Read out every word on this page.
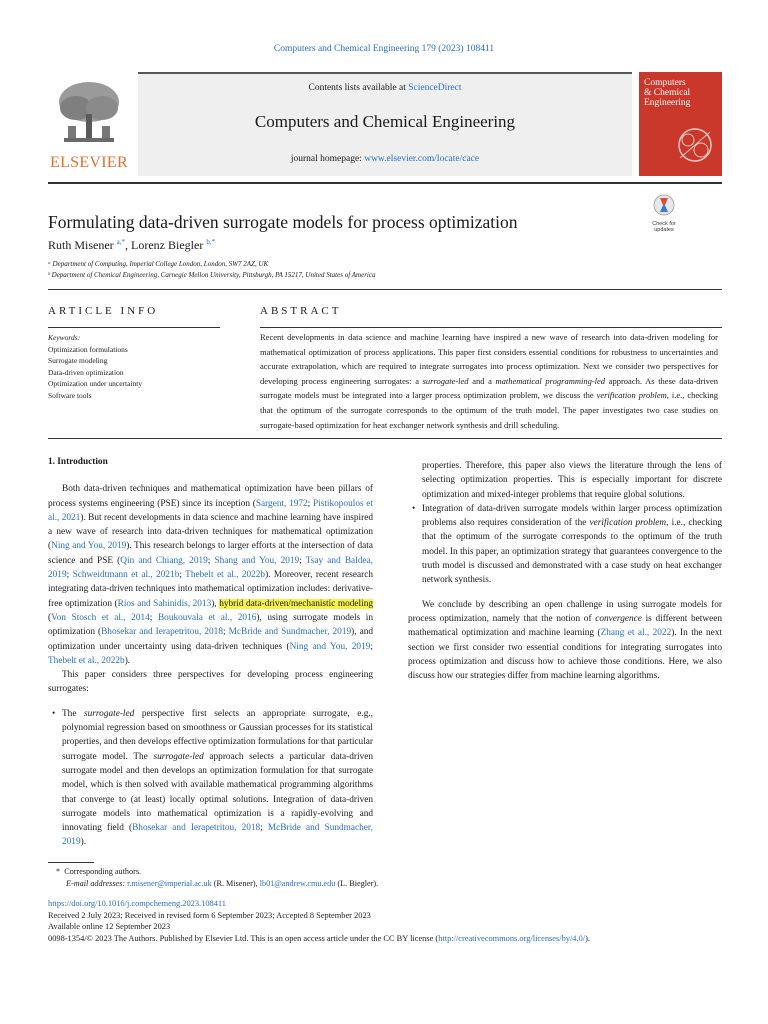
Computers and Chemical Engineering 179 (2023) 108411
ELSEVIER
Contents lists available at ScienceDirect
Computers and Chemical Engineering
journal homepage: www.elsevier.com/locate/cace
Computers
& Chemical
Engineering
Formulating data-driven surrogate models for process optimization	Check for
updates
Ruth Misener $^{a,*}$, Lorenz Biegler $^{b,*}$
ᵃ Department of Computing, Imperial College London, London, SW7 2AZ, UK
ᵇ Department of Chemical Engineering, Carnegie Mellon University, Pittsburgh, PA 15217, United States of America
ARTICLE INFO
Keywords:
Optimization formulations
Surrogate modeling
Data-driven optimization
Optimization under uncertainty
Software tools
ABSTRACT
Recent developments in data science and machine learning have inspired a new wave of research into data-driven modeling for mathematical optimization of process applications. This paper first considers essential conditions for robustness to uncertainties and accurate extrapolation, which are required to integrate surrogates into process optimization. Next we consider two perspectives for developing process engineering surrogates: a surrogate-led and a mathematical programming-led approach. As these data-driven surrogate models must be integrated into a larger process optimization problem, we discuss the verification problem, i.e., checking that the optimum of the surrogate corresponds to the optimum of the truth model. The paper investigates two case studies on surrogate-based optimization for heat exchanger network synthesis and drill scheduling.
1. Introduction

Both data-driven techniques and mathematical optimization have been pillars of process systems engineering (PSE) since its inception (Sargent, 1972; Pistikopoulos et al., 2021). But recent developments in data science and machine learning have inspired a new wave of research into data-driven techniques for mathematical optimization (Ning and You, 2019). This research belongs to larger efforts at the intersection of data science and PSE (Qin and Chiang, 2019; Shang and You, 2019; Tsay and Baldea, 2019; Schweidtmann et al., 2021b; Thebelt et al., 2022b). Moreover, recent research integrating data-driven techniques into mathematical optimization includes: derivative-free optimization (Rios and Sahinidis, 2013), hybrid data-driven/mechanistic modeling (Von Stosch et al., 2014; Boukouvala et al., 2016), using surrogate models in optimization (Bhosekar and Ierapetritou, 2018; McBride and Sundmacher, 2019), and optimization under uncertainty using data-driven techniques (Ning and You, 2019; Thebelt et al., 2022b).

This paper considers three perspectives for developing process engineering surrogates:

• The surrogate-led perspective first selects an appropriate surrogate, e.g., polynomial regression based on smoothness or Gaussian processes for its statistical properties, and then develops effective optimization formulations for that particular surrogate model. The surrogate-led approach selects a particular data-driven surrogate model and then develops an optimization formulation for that surrogate model, which is then solved with available mathematical programming algorithms that converge to (at least) locally optimal solutions. Integration of data-driven surrogate models into mathematical optimization is a rapidly-evolving and innovating field (Bhosekar and Ierapetritou, 2018; McBride and Sundmacher, 2019).

properties. Therefore, this paper also views the literature through the lens of selecting optimization properties. This is especially important for discrete optimization and mixed-integer problems that require global solutions.

• Integration of data-driven surrogate models within larger process optimization problems also requires consideration of the verification problem, i.e., checking that the optimum of the surrogate corresponds to the optimum of the truth model. In this paper, an optimization strategy that guarantees convergence to the truth model is discussed and demonstrated with a case study on heat exchanger network synthesis.

We conclude by describing an open challenge in using surrogate models for process optimization, namely that the notion of convergence is different between mathematical optimization and machine learning (Zhang et al., 2022). In the next section we first consider two essential conditions for integrating surrogates into process optimization and discuss how to achieve those conditions. Here, we also discuss how our strategies differ from machine learning algorithms.

* Corresponding authors.
E-mail addresses: r.misener@imperial.ac.uk (R. Misener), lb01@andrew.cmu.edu (L. Biegler).
https://doi.org/10.1016/j.compchemeng.2023.108411
Received 2 July 2023; Received in revised form 6 September 2023; Accepted 8 September 2023
Available online 12 September 2023
0098-1354/© 2023 The Authors. Published by Elsevier Ltd. This is an open access article under the CC BY license (http://creativecommons.org/licenses/by/4.0/).
